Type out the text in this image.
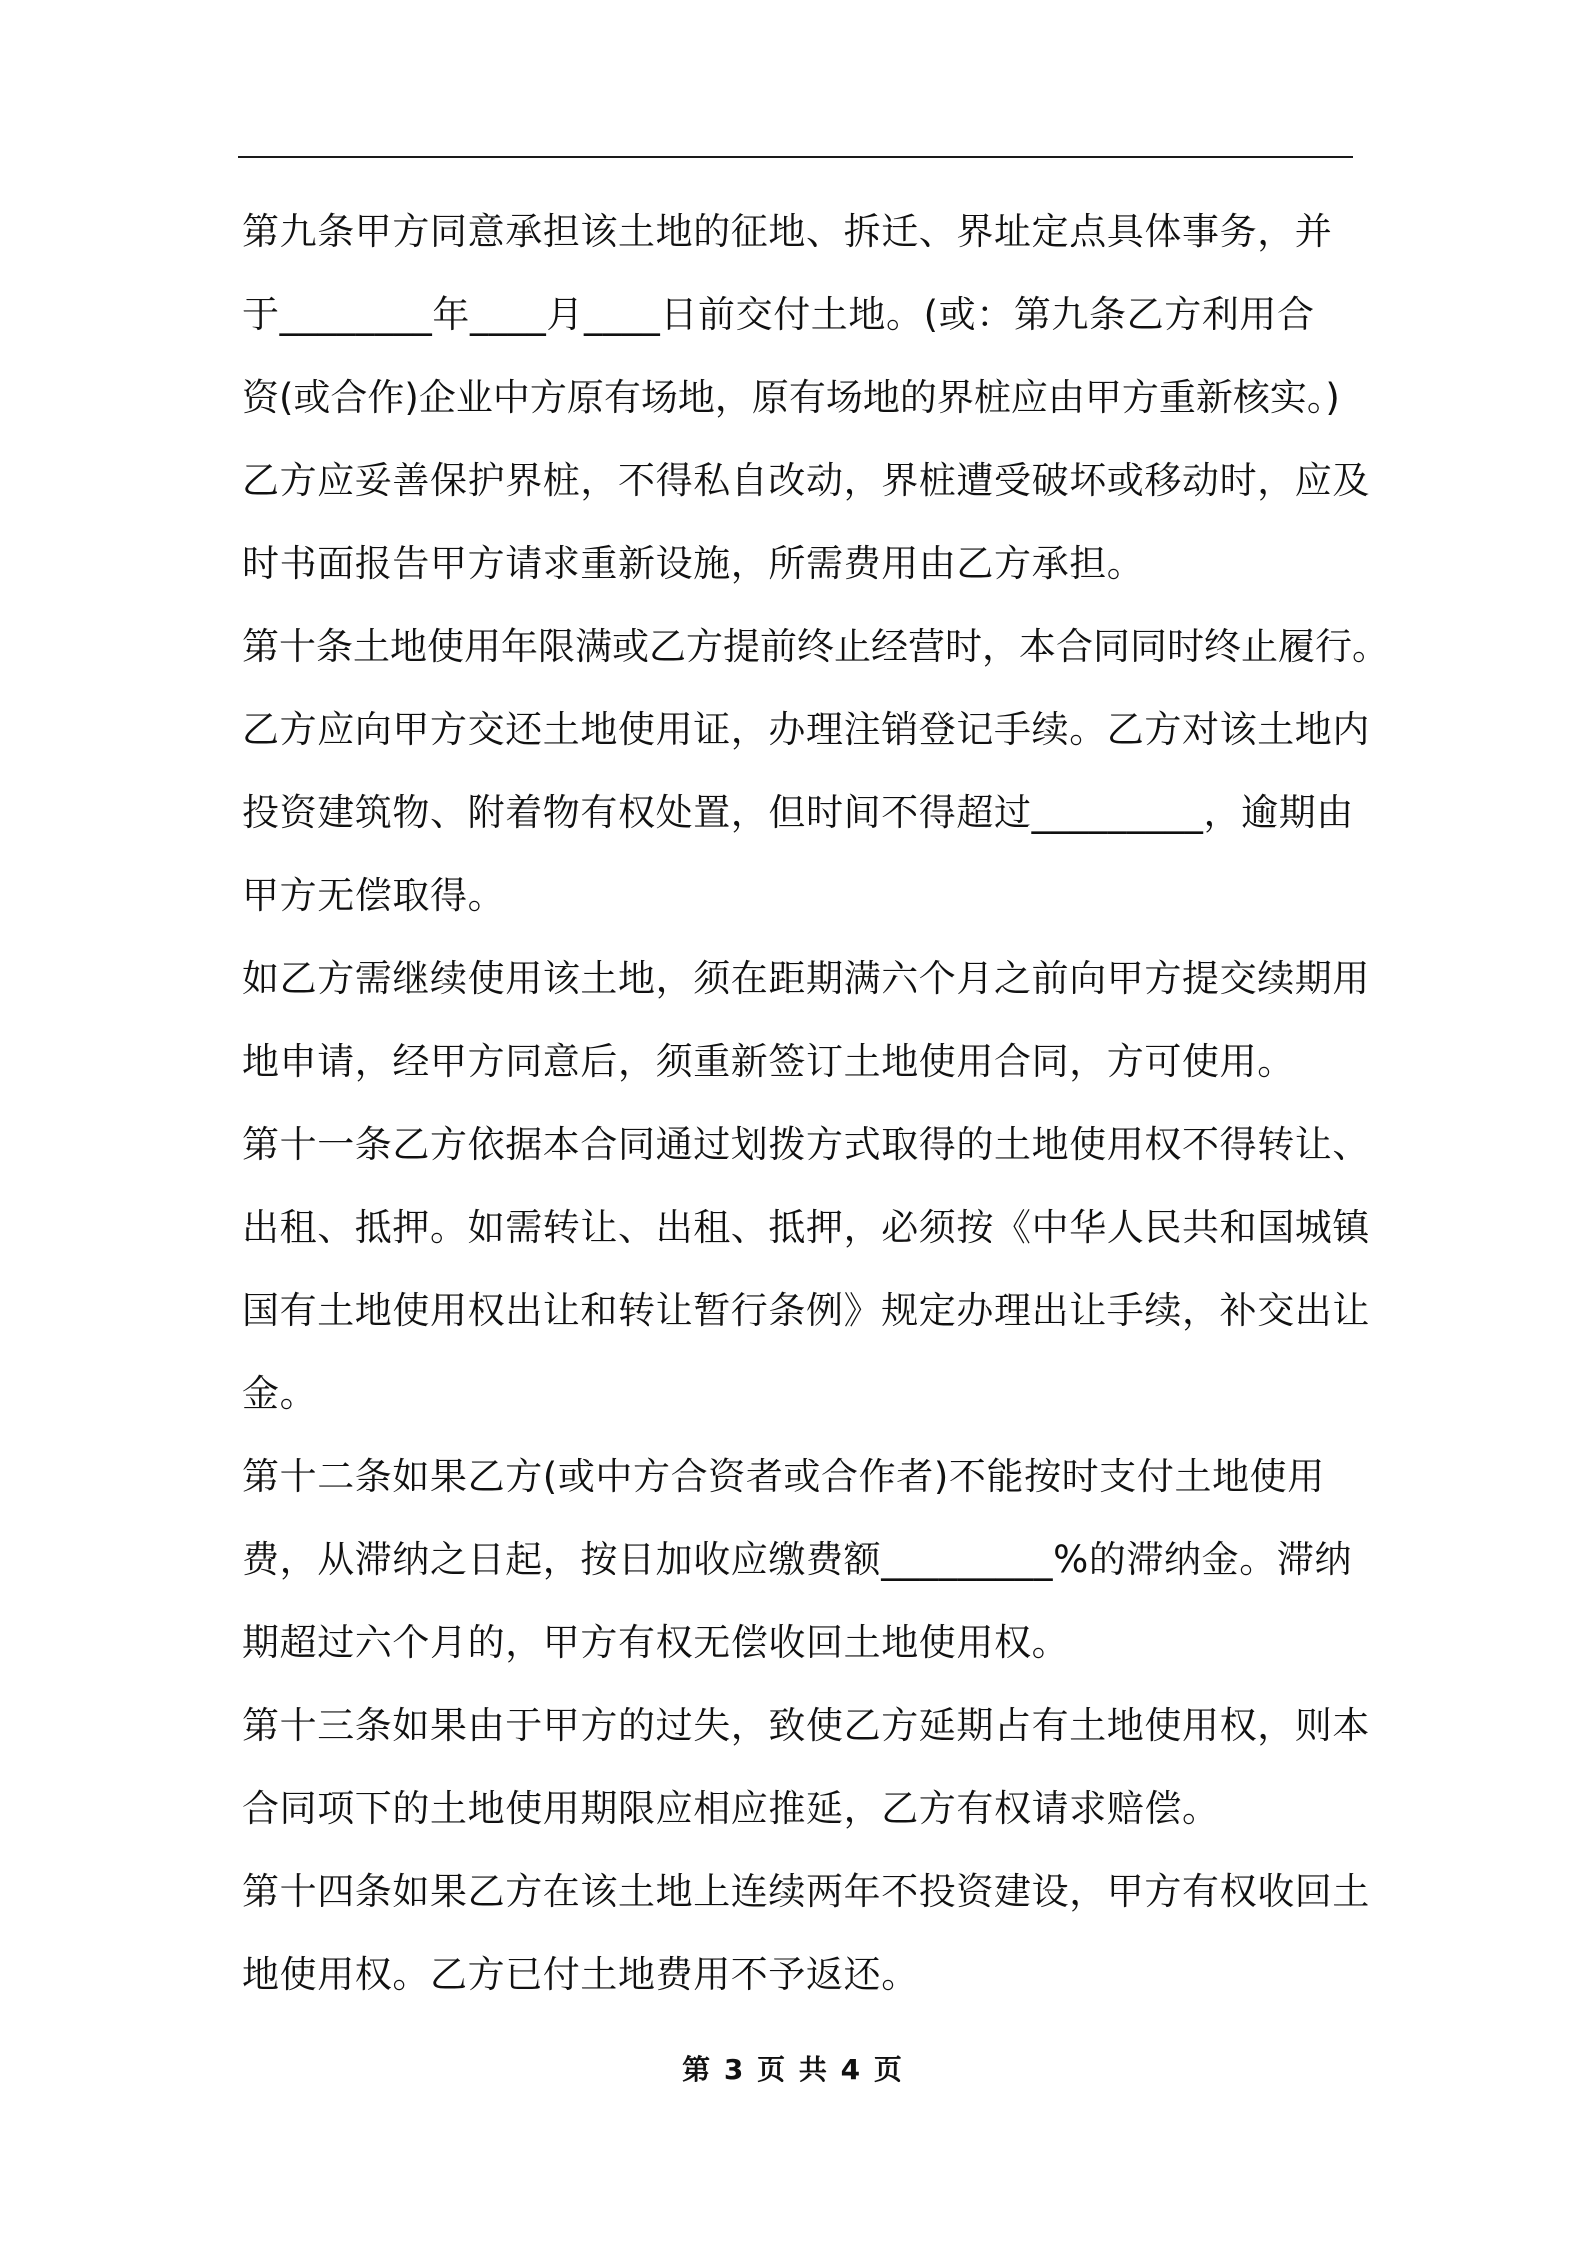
第九条甲方同意承担该土地的征地、拆迁、界址定点具体事务，并
于________年____月____日前交付土地。(或：第九条乙方利用合
资(或合作)企业中方原有场地，原有场地的界桩应由甲方重新核实。)
乙方应妥善保护界桩，不得私自改动，界桩遭受破坏或移动时，应及
时书面报告甲方请求重新设施，所需费用由乙方承担。
第十条土地使用年限满或乙方提前终止经营时，本合同同时终止履行。
乙方应向甲方交还土地使用证，办理注销登记手续。乙方对该土地内
投资建筑物、附着物有权处置，但时间不得超过_________，逾期由
甲方无偿取得。
如乙方需继续使用该土地，须在距期满六个月之前向甲方提交续期用
地申请，经甲方同意后，须重新签订土地使用合同，方可使用。
第十一条乙方依据本合同通过划拨方式取得的土地使用权不得转让、
出租、抵押。如需转让、出租、抵押，必须按《中华人民共和国城镇
国有土地使用权出让和转让暂行条例》规定办理出让手续，补交出让
金。
第十二条如果乙方(或中方合资者或合作者)不能按时支付土地使用
费，从滞纳之日起，按日加收应缴费额_________%的滞纳金。滞纳
期超过六个月的，甲方有权无偿收回土地使用权。
第十三条如果由于甲方的过失，致使乙方延期占有土地使用权，则本
合同项下的土地使用期限应相应推延，乙方有权请求赔偿。
第十四条如果乙方在该土地上连续两年不投资建设，甲方有权收回土
地使用权。乙方已付土地费用不予返还。
第 3 页 共 4 页
